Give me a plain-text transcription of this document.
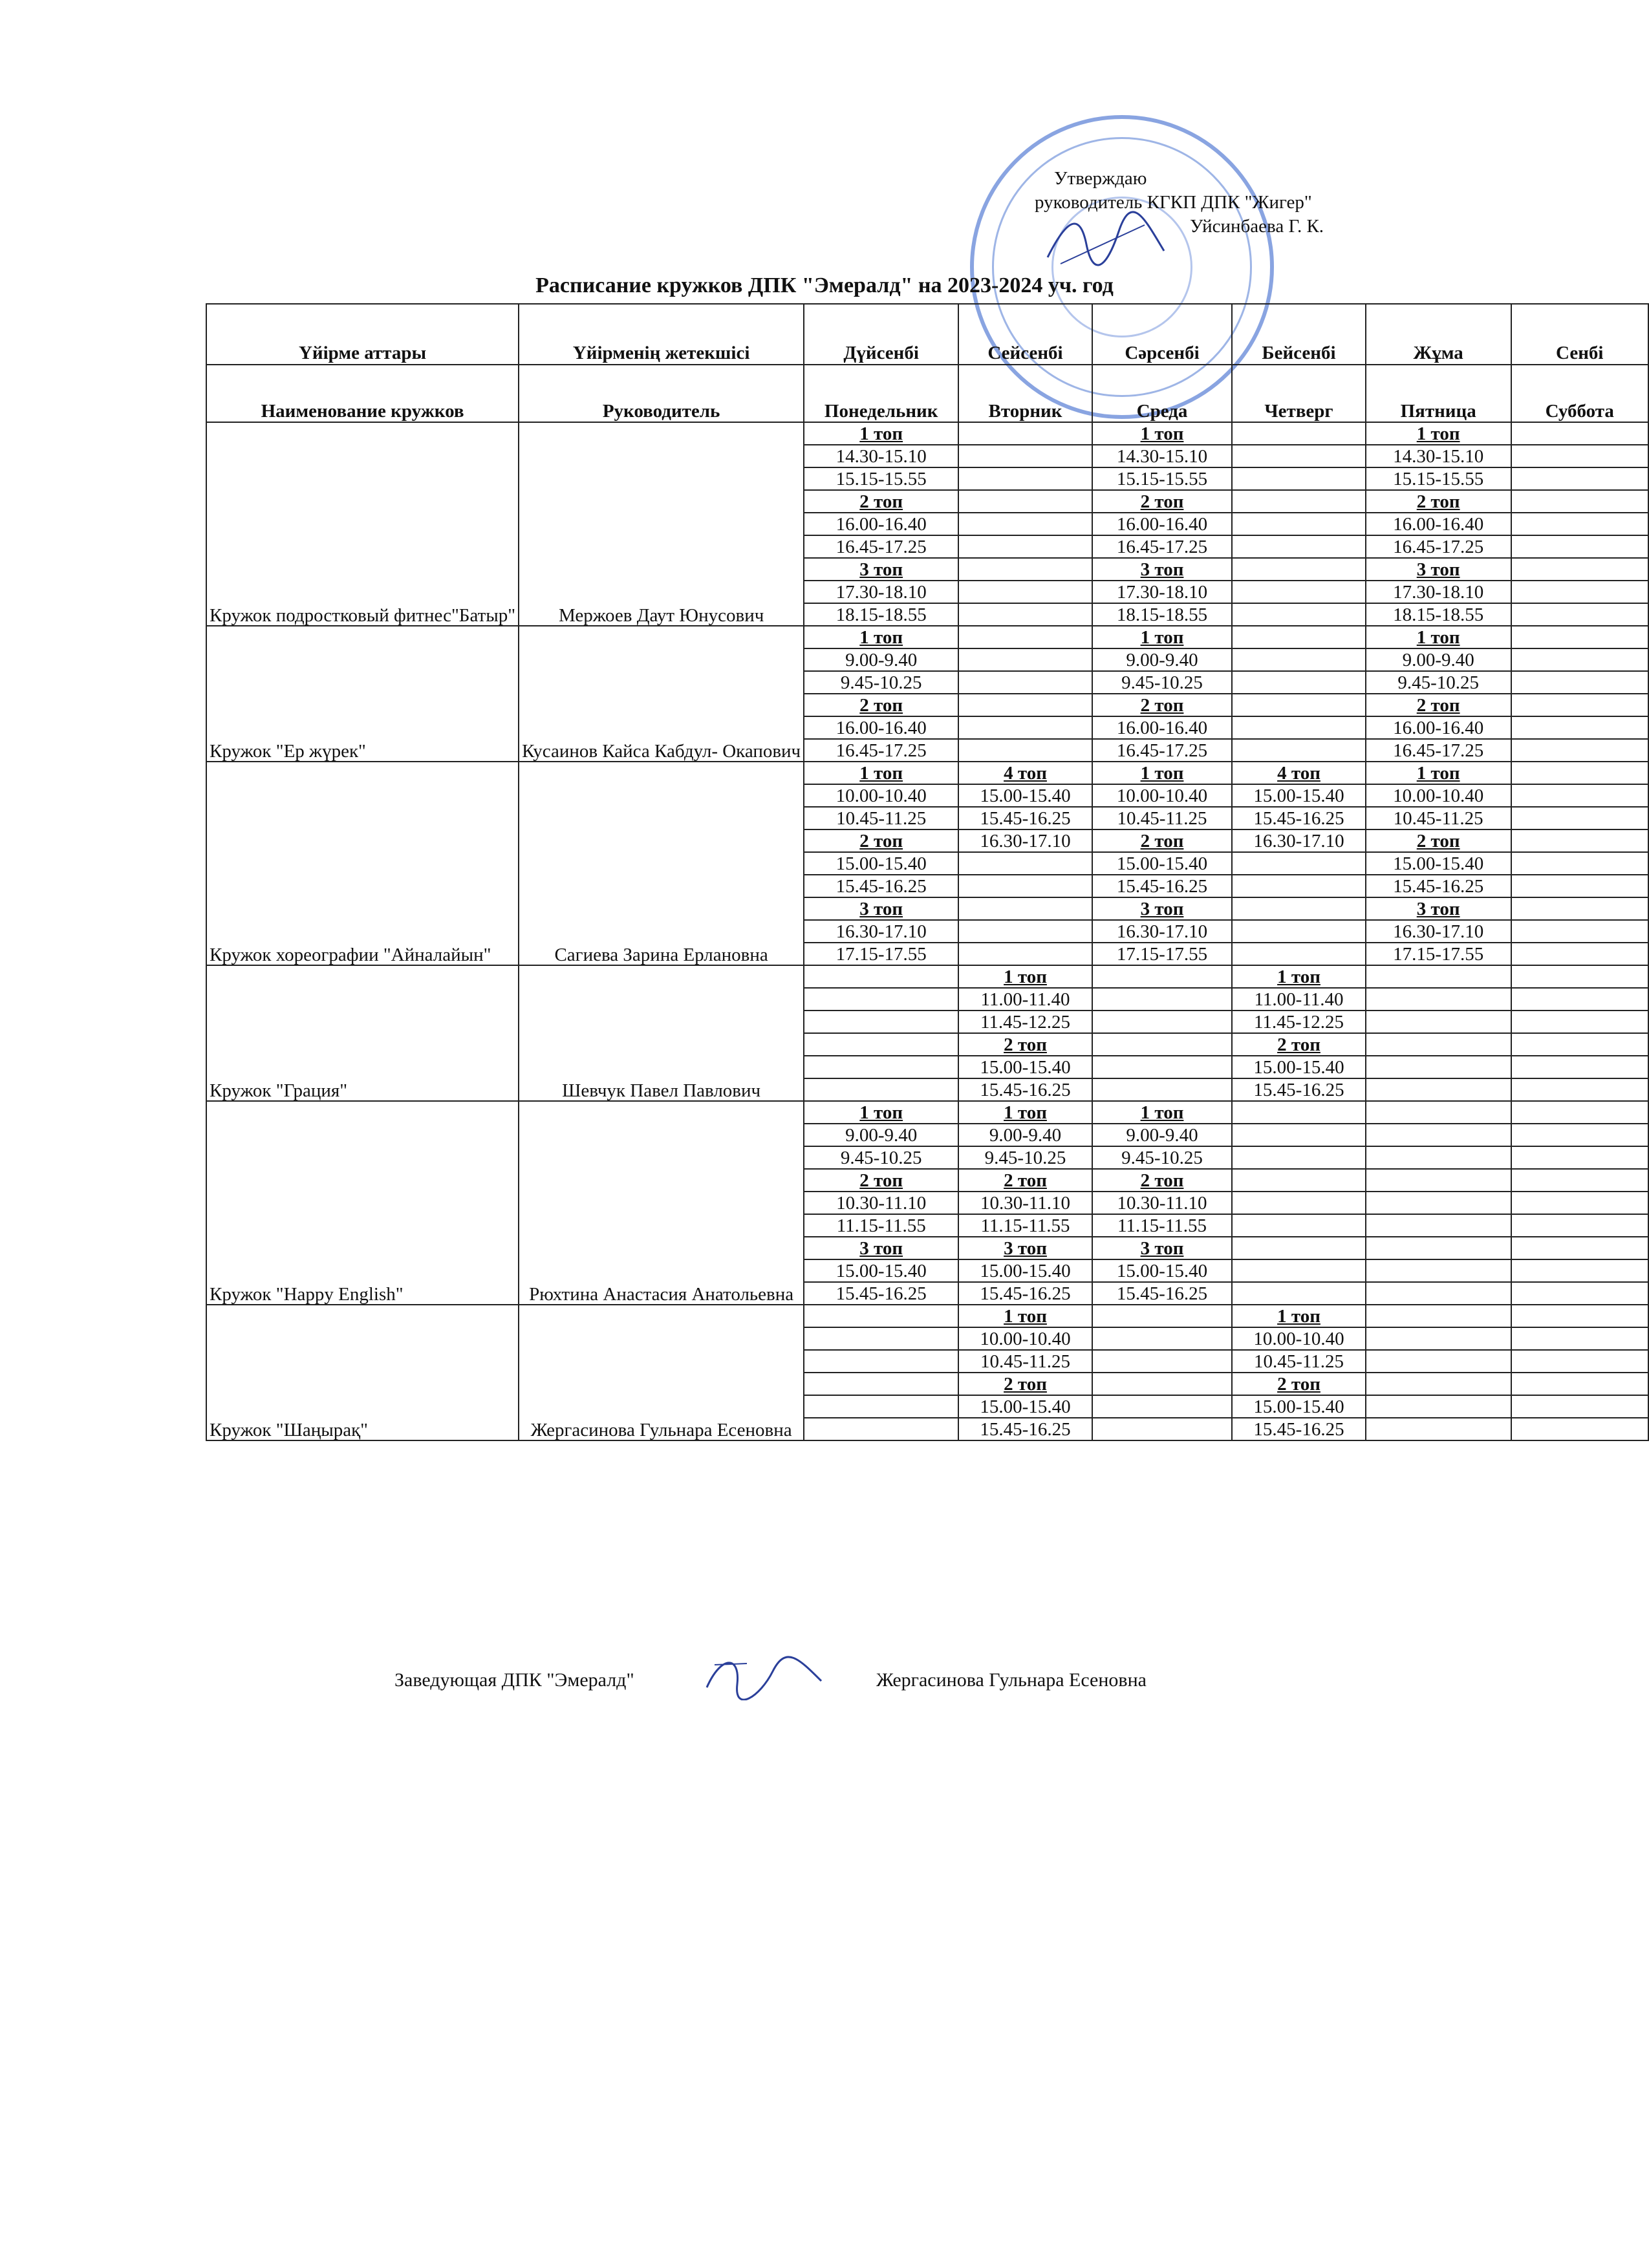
Утверждаю
руководитель КГКП ДПК "Жигер"
Уйсинбаева Г. К.
Расписание кружков ДПК "Эмералд" на 2023-2024 уч. год
Үйірме аттары	Үйірменің жетекшісі	Дүйсенбі	Сейсенбі	Сәрсенбі	Бейсенбі	Жұма	Сенбі
Наименование кружков	Руководитель	Понедельник	Вторник	Среда	Четверг	Пятница	Суббота
Кружок подростковый фитнес"Батыр"	Мержоев Даут Юнусович	1 топ		1 топ		1 топ	
		14.30-15.10		14.30-15.10		14.30-15.10	
		15.15-15.55		15.15-15.55		15.15-15.55	
		2 топ		2 топ		2 топ	
		16.00-16.40		16.00-16.40		16.00-16.40	
		16.45-17.25		16.45-17.25		16.45-17.25	
		3 топ		3 топ		3 топ	
		17.30-18.10		17.30-18.10		17.30-18.10	
		18.15-18.55		18.15-18.55		18.15-18.55	
Кружок "Ер жүрек"	Кусаинов Кайса Кабдул- Окапович	1 топ		1 топ		1 топ	
		9.00-9.40		9.00-9.40		9.00-9.40	
		9.45-10.25		9.45-10.25		9.45-10.25	
		2 топ		2 топ		2 топ	
		16.00-16.40		16.00-16.40		16.00-16.40	
		16.45-17.25		16.45-17.25		16.45-17.25	
Кружок хореографии "Айналайын"	Сагиева Зарина Ерлановна	1 топ	4 топ	1 топ	4 топ	1 топ	
		10.00-10.40	15.00-15.40	10.00-10.40	15.00-15.40	10.00-10.40	
		10.45-11.25	15.45-16.25	10.45-11.25	15.45-16.25	10.45-11.25	
		2 топ	16.30-17.10	2 топ	16.30-17.10	2 топ	
		15.00-15.40		15.00-15.40		15.00-15.40	
		15.45-16.25		15.45-16.25		15.45-16.25	
		3 топ		3 топ		3 топ	
		16.30-17.10		16.30-17.10		16.30-17.10	
		17.15-17.55		17.15-17.55		17.15-17.55	
Кружок "Грация"	Шевчук Павел Павлович		1 топ		1 топ		
			11.00-11.40		11.00-11.40		
			11.45-12.25		11.45-12.25		
			2 топ		2 топ		
			15.00-15.40		15.00-15.40		
			15.45-16.25		15.45-16.25		
Кружок "Happy English"	Рюхтина Анастасия Анатольевна	1 топ	1 топ	1 топ			
		9.00-9.40	9.00-9.40	9.00-9.40			
		9.45-10.25	9.45-10.25	9.45-10.25			
		2 топ	2 топ	2 топ			
		10.30-11.10	10.30-11.10	10.30-11.10			
		11.15-11.55	11.15-11.55	11.15-11.55			
		3 топ	3 топ	3 топ			
		15.00-15.40	15.00-15.40	15.00-15.40			
		15.45-16.25	15.45-16.25	15.45-16.25			
Кружок "Шаңырақ"	Жергасинова Гульнара Есеновна		1 топ		1 топ		
			10.00-10.40		10.00-10.40		
			10.45-11.25		10.45-11.25		
			2 топ		2 топ		
			15.00-15.40		15.00-15.40		
			15.45-16.25		15.45-16.25		
Заведующая ДПК "Эмералд"	Жергасинова Гульнара Есеновна
